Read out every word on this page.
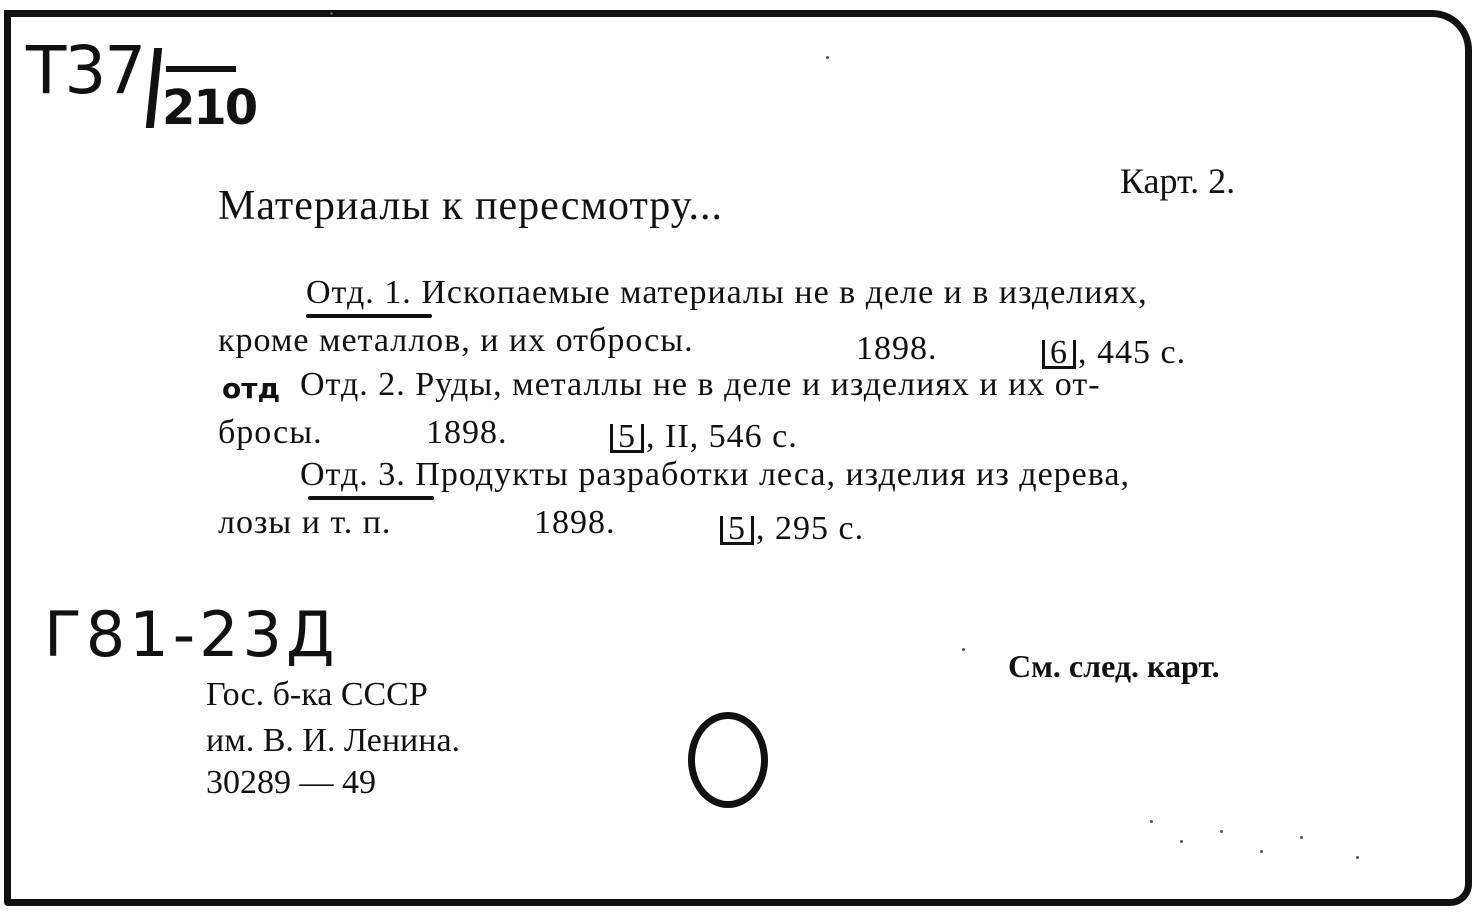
Т37 210
Карт. 2.
Материалы к пересмотру...
Отд. 1. Ископаемые материалы не в деле и в изделиях,
кроме металлов, и их отбросы.	1898.	6 , 445 с.
отд Отд. 2. Руды, металлы не в деле и изделиях и их от-
бросы.	1898.	5 , II, 546 с.
Отд. 3. Продукты разработки леса, изделия из дерева,
лозы и т. п.	1898.	5 , 295 с.
Г81-23Д	См. след. карт.
Гос. б-ка СССР
им. В. И. Ленина.
30289 — 49
